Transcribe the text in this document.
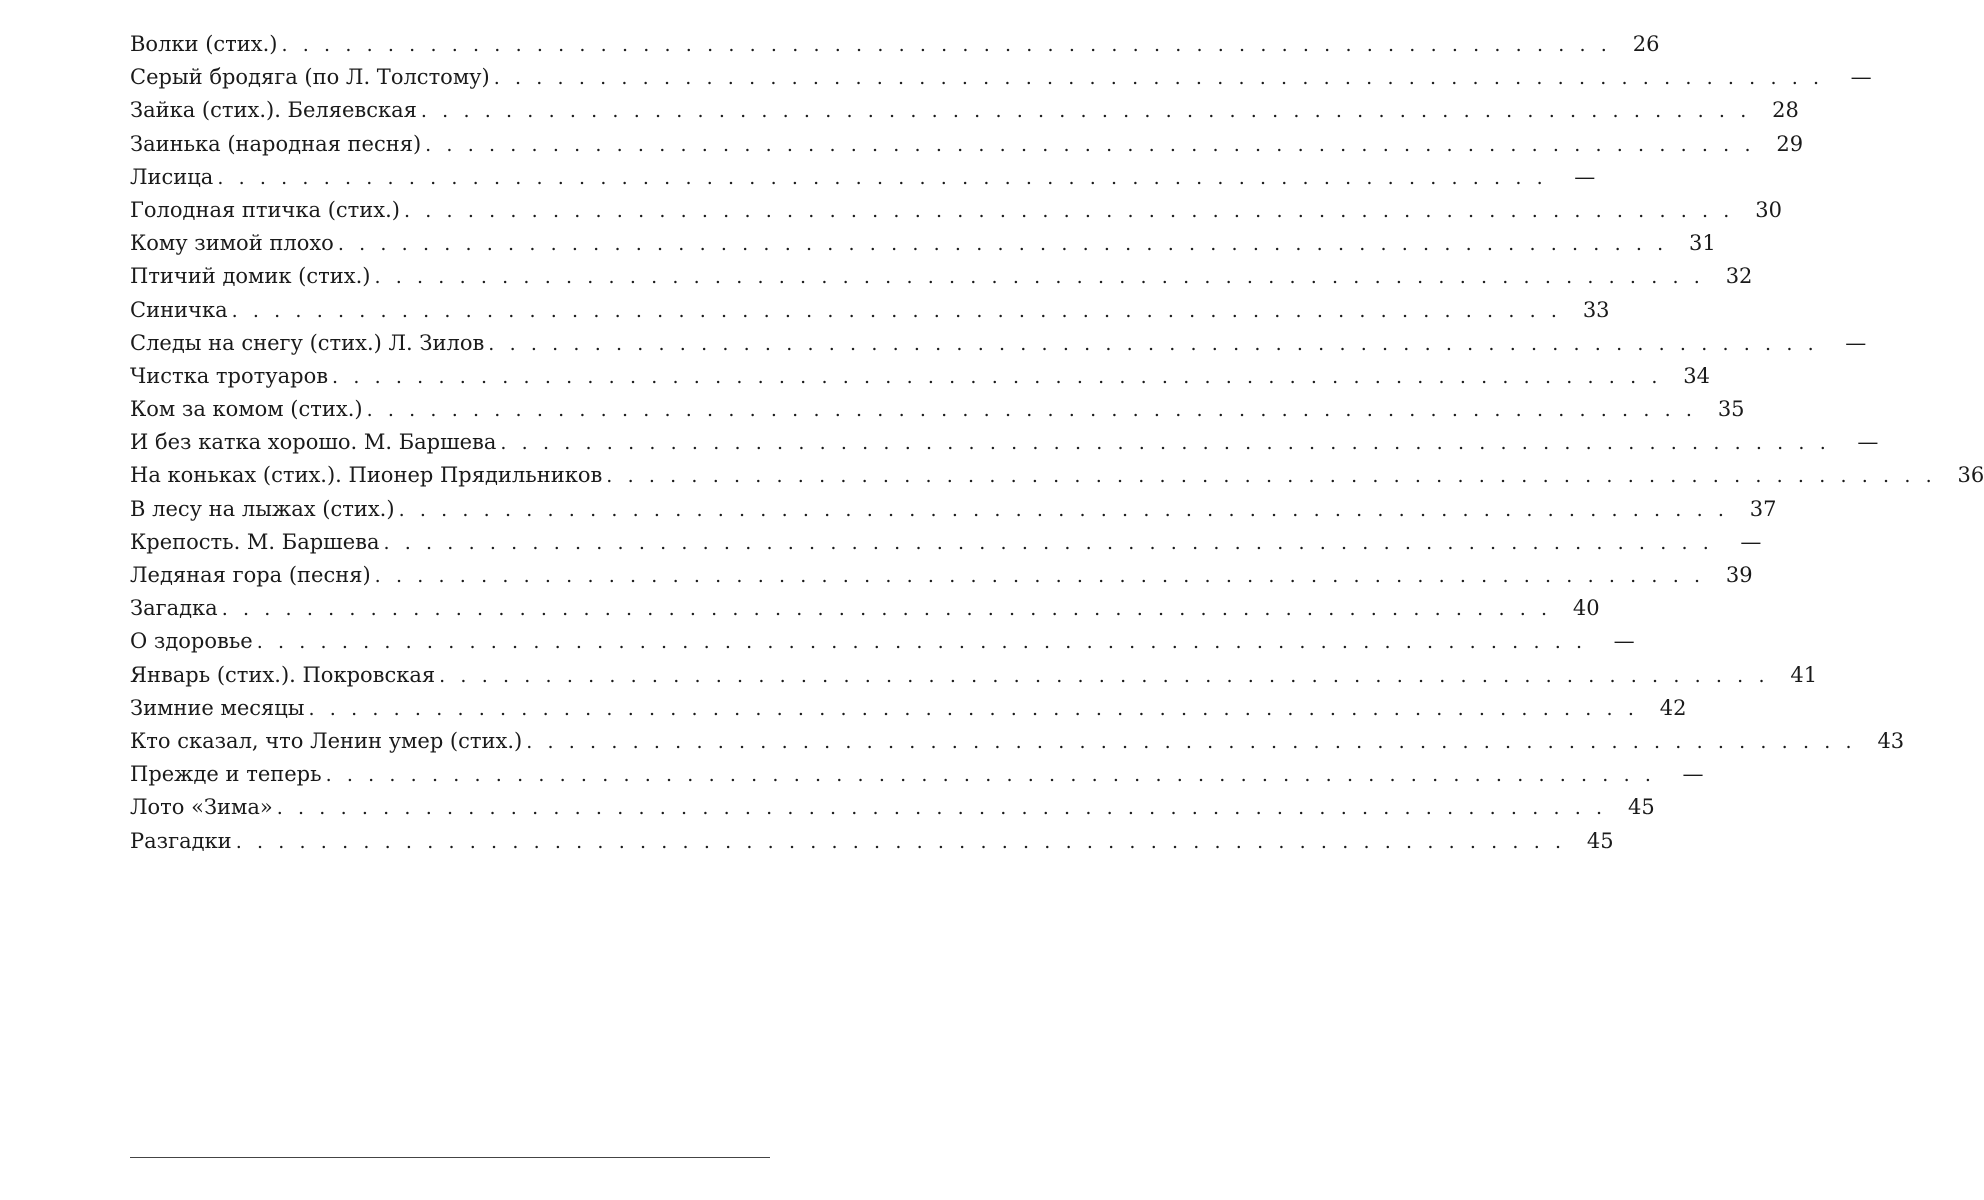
Волки (стих.) . . . . . . . . . . . . . . . . . . . . . . . . . . . . . . . . . . . . . . . . . . . . . . . . . . . . . . . . . . . . . . .	26
Серый бродяга (по Л. Толстому) . . . . . . . . . . . . . . . . . . . . . . . . . . . . . . . . . . . . . . . . . . . . . . . . . . . . . . . . . . . . . . .	—
Зайка (стих.). Беляевская . . . . . . . . . . . . . . . . . . . . . . . . . . . . . . . . . . . . . . . . . . . . . . . . . . . . . . . . . . . . . . .	28
Заинька (народная песня) . . . . . . . . . . . . . . . . . . . . . . . . . . . . . . . . . . . . . . . . . . . . . . . . . . . . . . . . . . . . . . .	29
Лисица . . . . . . . . . . . . . . . . . . . . . . . . . . . . . . . . . . . . . . . . . . . . . . . . . . . . . . . . . . . . . . .	—
Голодная птичка (стих.) . . . . . . . . . . . . . . . . . . . . . . . . . . . . . . . . . . . . . . . . . . . . . . . . . . . . . . . . . . . . . . .	30
Кому зимой плохо . . . . . . . . . . . . . . . . . . . . . . . . . . . . . . . . . . . . . . . . . . . . . . . . . . . . . . . . . . . . . . .	31
Птичий домик (стих.) . . . . . . . . . . . . . . . . . . . . . . . . . . . . . . . . . . . . . . . . . . . . . . . . . . . . . . . . . . . . . . .	32
Синичка . . . . . . . . . . . . . . . . . . . . . . . . . . . . . . . . . . . . . . . . . . . . . . . . . . . . . . . . . . . . . . .	33
Следы на снегу (стих.) Л. Зилов . . . . . . . . . . . . . . . . . . . . . . . . . . . . . . . . . . . . . . . . . . . . . . . . . . . . . . . . . . . . . . .	—
Чистка тротуаров . . . . . . . . . . . . . . . . . . . . . . . . . . . . . . . . . . . . . . . . . . . . . . . . . . . . . . . . . . . . . . .	34
Ком за комом (стих.) . . . . . . . . . . . . . . . . . . . . . . . . . . . . . . . . . . . . . . . . . . . . . . . . . . . . . . . . . . . . . . .	35
И без катка хорошо. М. Баршева . . . . . . . . . . . . . . . . . . . . . . . . . . . . . . . . . . . . . . . . . . . . . . . . . . . . . . . . . . . . . . .	—
На коньках (стих.). Пионер Прядильников . . . . . . . . . . . . . . . . . . . . . . . . . . . . . . . . . . . . . . . . . . . . . . . . . . . . . . . . . . . . . . .	36
В лесу на лыжах (стих.) . . . . . . . . . . . . . . . . . . . . . . . . . . . . . . . . . . . . . . . . . . . . . . . . . . . . . . . . . . . . . . .	37
Крепость. М. Баршева . . . . . . . . . . . . . . . . . . . . . . . . . . . . . . . . . . . . . . . . . . . . . . . . . . . . . . . . . . . . . . .	—
Ледяная гора (песня) . . . . . . . . . . . . . . . . . . . . . . . . . . . . . . . . . . . . . . . . . . . . . . . . . . . . . . . . . . . . . . .	39
Загадка . . . . . . . . . . . . . . . . . . . . . . . . . . . . . . . . . . . . . . . . . . . . . . . . . . . . . . . . . . . . . . .	40
О здоровье . . . . . . . . . . . . . . . . . . . . . . . . . . . . . . . . . . . . . . . . . . . . . . . . . . . . . . . . . . . . . . .	—
Январь (стих.). Покровская . . . . . . . . . . . . . . . . . . . . . . . . . . . . . . . . . . . . . . . . . . . . . . . . . . . . . . . . . . . . . . .	41
Зимние месяцы . . . . . . . . . . . . . . . . . . . . . . . . . . . . . . . . . . . . . . . . . . . . . . . . . . . . . . . . . . . . . . .	42
Кто сказал, что Ленин умер (стих.) . . . . . . . . . . . . . . . . . . . . . . . . . . . . . . . . . . . . . . . . . . . . . . . . . . . . . . . . . . . . . . .	43
Прежде и теперь . . . . . . . . . . . . . . . . . . . . . . . . . . . . . . . . . . . . . . . . . . . . . . . . . . . . . . . . . . . . . . .	—
Лото «Зима» . . . . . . . . . . . . . . . . . . . . . . . . . . . . . . . . . . . . . . . . . . . . . . . . . . . . . . . . . . . . . . .	45
Разгадки . . . . . . . . . . . . . . . . . . . . . . . . . . . . . . . . . . . . . . . . . . . . . . . . . . . . . . . . . . . . . . .	45
